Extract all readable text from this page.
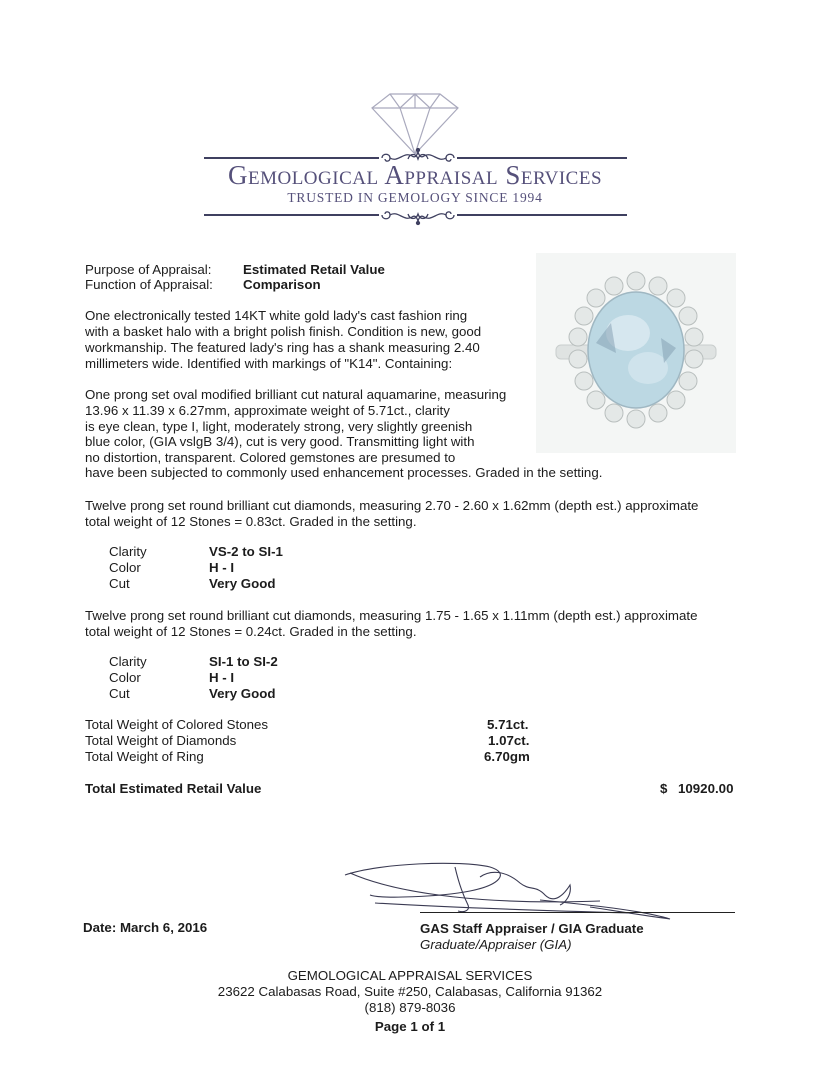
Gemological Appraisal Services
TRUSTED IN GEMOLOGY SINCE 1994
Purpose of Appraisal: Estimated Retail Value
Function of Appraisal: Comparison
One electronically tested 14KT white gold lady's cast fashion ring
with a basket halo with a bright polish finish. Condition is new, good
workmanship. The featured lady's ring has a shank measuring 2.40
millimeters wide. Identified with markings of "K14". Containing:
One prong set oval modified brilliant cut natural aquamarine, measuring
13.96 x 11.39 x 6.27mm, approximate weight of 5.71ct., clarity
is eye clean, type I, light, moderately strong, very slightly greenish
blue color, (GIA vslgB 3/4), cut is very good. Transmitting light with
no distortion, transparent. Colored gemstones are presumed to
have been subjected to commonly used enhancement processes. Graded in the setting.
Twelve prong set round brilliant cut diamonds, measuring 2.70 - 2.60 x 1.62mm (depth est.) approximate
total weight of 12 Stones = 0.83ct. Graded in the setting.
Clarity	VS-2 to SI-1
Color	H - I
Cut	Very Good
Twelve prong set round brilliant cut diamonds, measuring 1.75 - 1.65 x 1.11mm (depth est.) approximate
total weight of 12 Stones = 0.24ct. Graded in the setting.
Clarity	SI-1 to SI-2
Color	H - I
Cut	Very Good
Total Weight of Colored Stones	5.71ct.
Total Weight of Diamonds	1.07ct.
Total Weight of Ring	6.70gm
Total Estimated Retail Value	$ 10920.00
Date: March 6, 2016	GAS Staff Appraiser / GIA Graduate
Graduate/Appraiser (GIA)
GEMOLOGICAL APPRAISAL SERVICES
23622 Calabasas Road, Suite #250, Calabasas, California 91362
(818) 879-8036
Page 1 of 1
